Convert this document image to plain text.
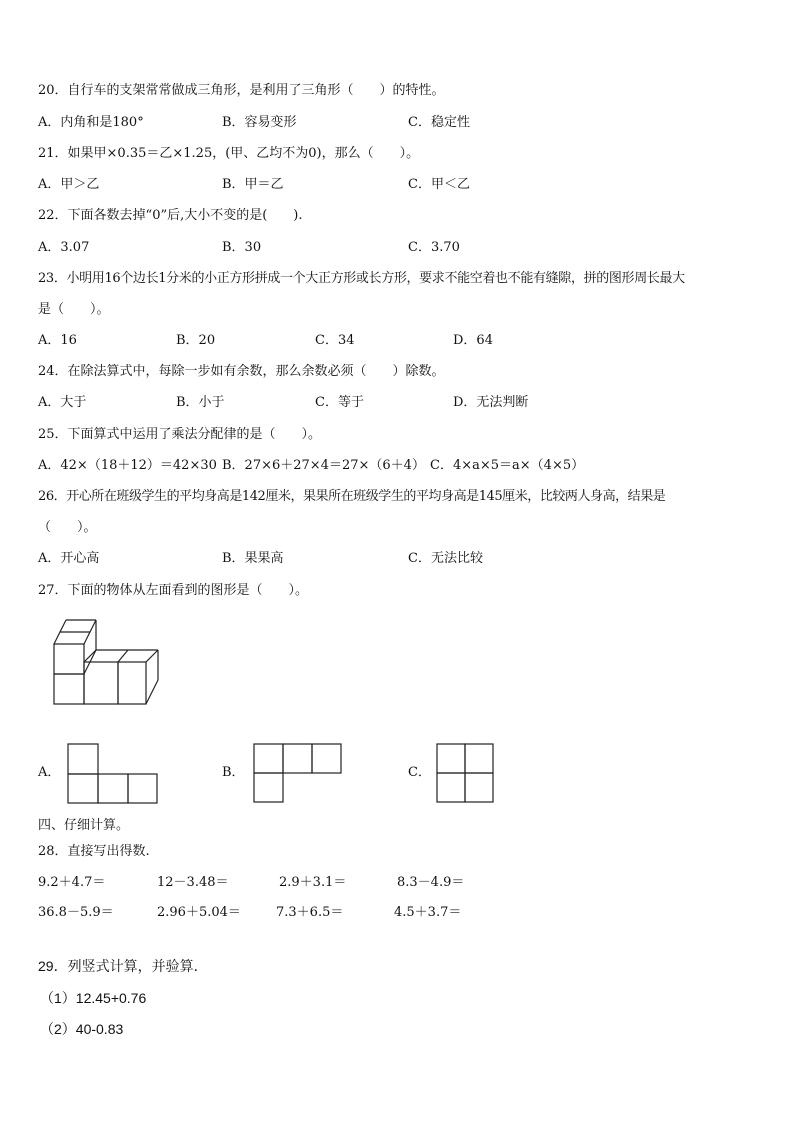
20．自行车的支架常常做成三角形，是利用了三角形（　　）的特性。
A．内角和是180°	B．容易变形	C．稳定性
21．如果甲×0.35＝乙×1.25，(甲、乙均不为0)，那么（　　）。
A．甲＞乙	B．甲＝乙	C．甲＜乙
22．下面各数去掉“0”后,大小不变的是(　　).
A．3.07	B．30	C．3.70
23．小明用16个边长1分米的小正方形拼成一个大正方形或长方形，要求不能空着也不能有缝隙，拼的图形周长最大
是（　　）。
A．16	B．20	C．34	D．64
24．在除法算式中，每除一步如有余数，那么余数必须（　　）除数。
A．大于	B．小于	C．等于	D．无法判断
25．下面算式中运用了乘法分配律的是（　　）。
A．42×（18＋12）＝42×30 B．27×6＋27×4＝27×（6＋4） C．4×a×5＝a×（4×5）
26．开心所在班级学生的平均身高是142厘米，果果所在班级学生的平均身高是145厘米，比较两人身高，结果是
（　　）。
A．开心高	B．果果高	C．无法比较
27．下面的物体从左面看到的图形是（　　）。
A．	B．	C．
四、仔细计算。
28．直接写出得数.
9.2＋4.7＝	12－3.48＝	2.9＋3.1＝	8.3－4.9＝
36.8－5.9＝	2.96＋5.04＝	7.3＋6.5＝	4.5＋3.7＝
29．列竖式计算，并验算．
（1）12.45+0.76
（2）40-0.83
